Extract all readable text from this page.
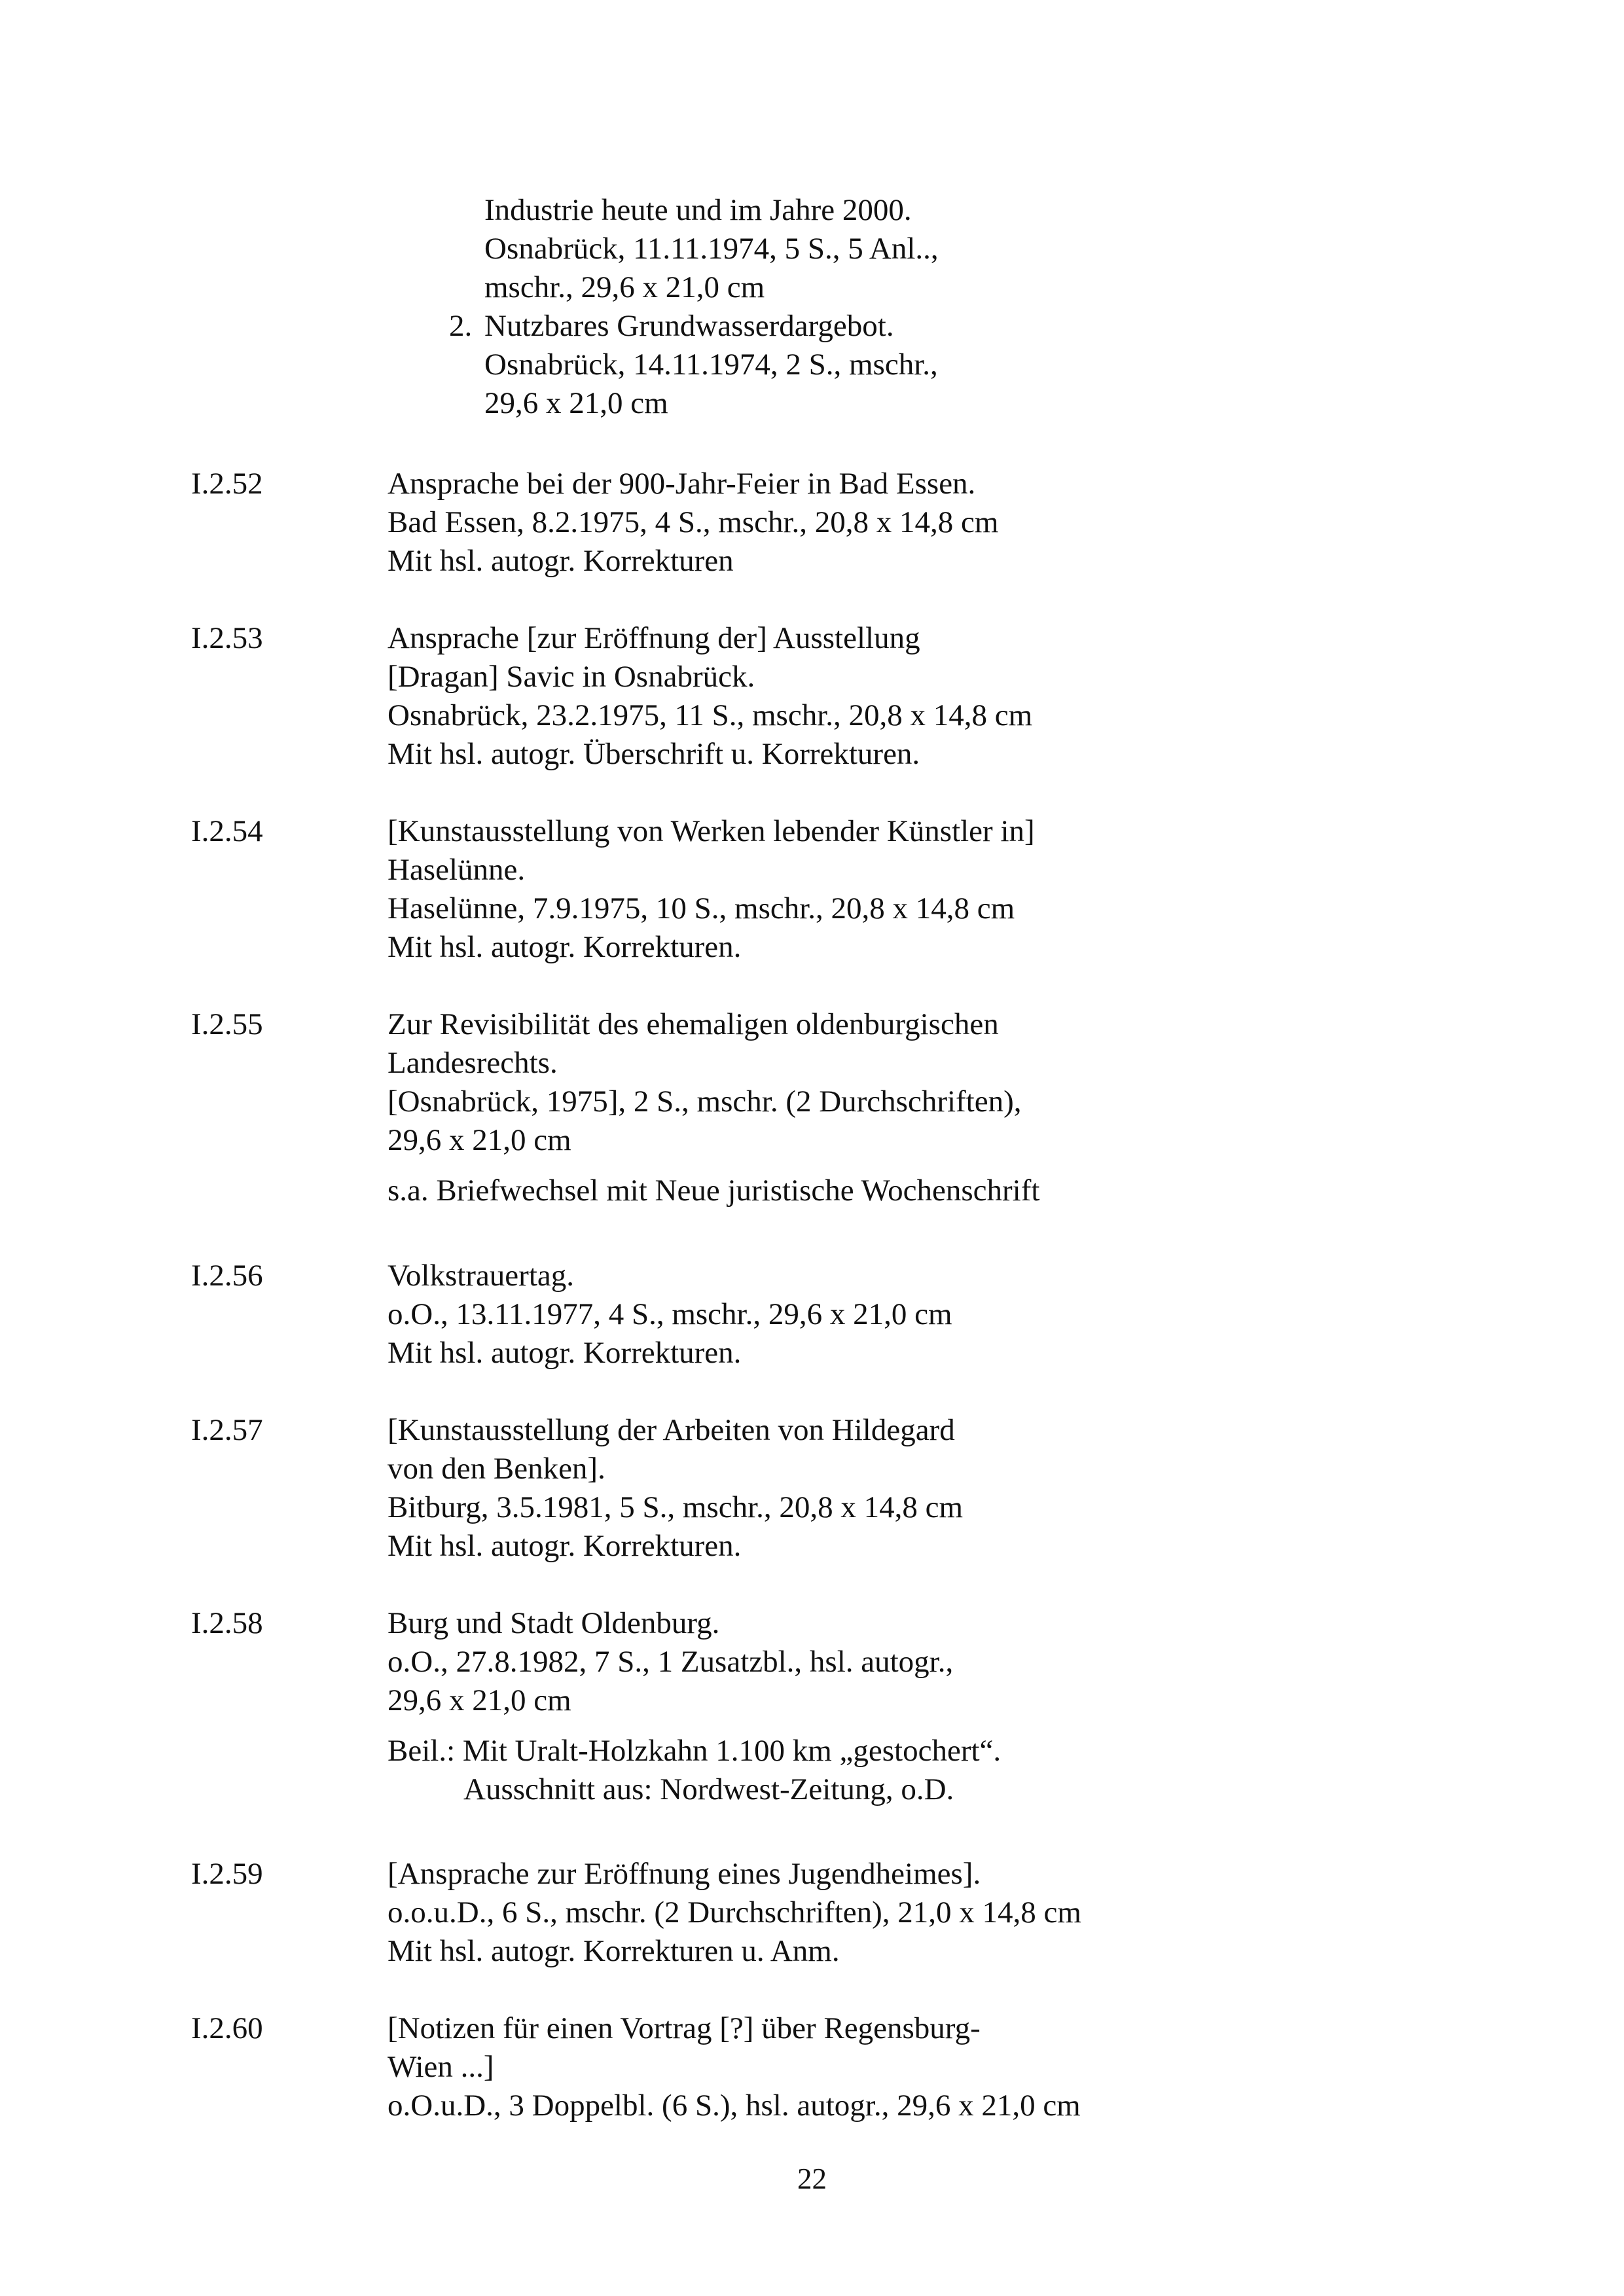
Industrie heute und im Jahre 2000.
Osnabrück, 11.11.1974, 5 S., 5 Anl..,
mschr., 29,6 x 21,0 cm
2. Nutzbares Grundwasserdargebot.
Osnabrück, 14.11.1974, 2 S., mschr.,
29,6 x 21,0 cm
I.2.52	Ansprache bei der 900-Jahr-Feier in Bad Essen.
Bad Essen, 8.2.1975, 4 S., mschr., 20,8 x 14,8 cm
Mit hsl. autogr. Korrekturen
I.2.53	Ansprache [zur Eröffnung der] Ausstellung
[Dragan] Savic in Osnabrück.
Osnabrück, 23.2.1975, 11 S., mschr., 20,8 x 14,8 cm
Mit hsl. autogr. Überschrift u. Korrekturen.
I.2.54	[Kunstausstellung von Werken lebender Künstler in]
Haselünne.
Haselünne, 7.9.1975, 10 S., mschr., 20,8 x 14,8 cm
Mit hsl. autogr. Korrekturen.
I.2.55	Zur Revisibilität des ehemaligen oldenburgischen
Landesrechts.
[Osnabrück, 1975], 2 S., mschr. (2 Durchschriften),
29,6 x 21,0 cm
s.a. Briefwechsel mit Neue juristische Wochenschrift
I.2.56	Volkstrauertag.
o.O., 13.11.1977, 4 S., mschr., 29,6 x 21,0 cm
Mit hsl. autogr. Korrekturen.
I.2.57	[Kunstausstellung der Arbeiten von Hildegard
von den Benken].
Bitburg, 3.5.1981, 5 S., mschr., 20,8 x 14,8 cm
Mit hsl. autogr. Korrekturen.
I.2.58	Burg und Stadt Oldenburg.
o.O., 27.8.1982, 7 S., 1 Zusatzbl., hsl. autogr.,
29,6 x 21,0 cm
Beil.: Mit Uralt-Holzkahn 1.100 km „gestochert“.
Ausschnitt aus: Nordwest-Zeitung, o.D.
I.2.59	[Ansprache zur Eröffnung eines Jugendheimes].
o.o.u.D., 6 S., mschr. (2 Durchschriften), 21,0 x 14,8 cm
Mit hsl. autogr. Korrekturen u. Anm.
I.2.60	[Notizen für einen Vortrag [?] über Regensburg-
Wien ...]
o.O.u.D., 3 Doppelbl. (6 S.), hsl. autogr., 29,6 x 21,0 cm
22
